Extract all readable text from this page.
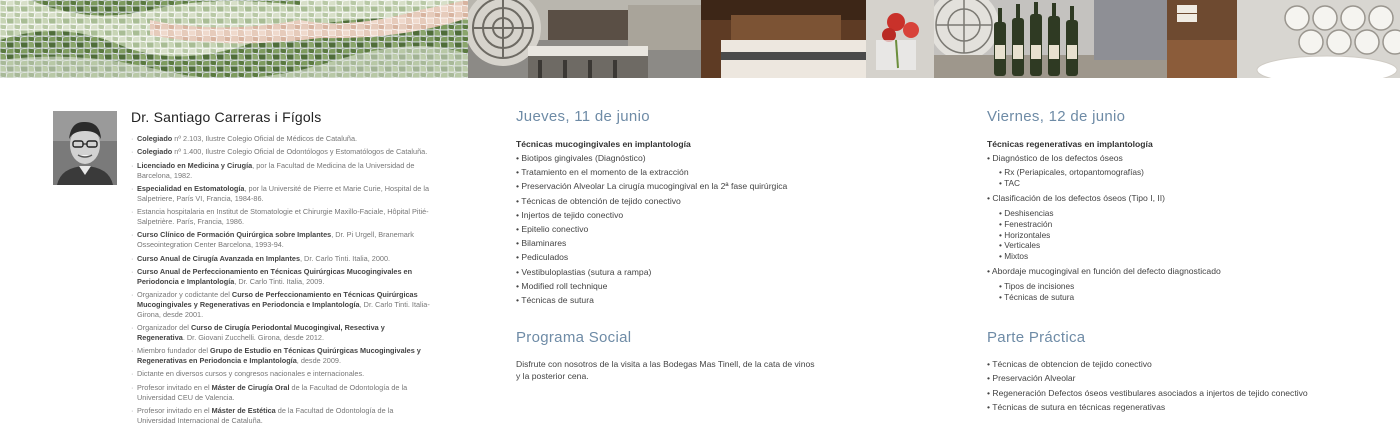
Dr. Santiago Carreras i Fígols
· Colegiado nº 2.103, Ilustre Colegio Oficial de Médicos de Cataluña.
· Colegiado nº 1.400, Ilustre Colegio Oficial de Odontólogos y Estomatólogos de Cataluña.
· Licenciado en Medicina y Cirugía, por la Facultad de Medicina de la Universidad de Barcelona, 1982.
· Especialidad en Estomatología, por la Université de Pierre et Marie Curie, Hospital de la Salpetriere, París VI, Francia, 1984-86.
· Estancia hospitalaria en Institut de Stomatologie et Chirurgie Maxillo-Faciale, Hôpital Pitié-Salpetrière. París, Francia, 1986.
· Curso Clínico de Formación Quirúrgica sobre Implantes, Dr. Pi Urgell, Branemark Osseointegration Center Barcelona, 1993-94.
· Curso Anual de Cirugía Avanzada en Implantes, Dr. Carlo Tinti. Italia, 2000.
· Curso Anual de Perfeccionamiento en Técnicas Quirúrgicas Mucogingivales en Periodoncia e Implantología, Dr. Carlo Tinti. Italia, 2009.
· Organizador y codictante del Curso de Perfeccionamiento en Técnicas Quirúrgicas Mucogingivales y Regenerativas en Periodoncia e Implantología, Dr. Carlo Tinti. Italia-Girona, desde 2001.
· Organizador del Curso de Cirugía Periodontal Mucogingival, Resectiva y Regenerativa. Dr. Giovani Zucchelli. Girona, desde 2012.
· Miembro fundador del Grupo de Estudio en Técnicas Quirúrgicas Mucogingivales y Regenerativas en Periodoncia e Implantología, desde 2009.
· Dictante en diversos cursos y congresos nacionales e internacionales.
· Profesor invitado en el Máster de Cirugía Oral de la Facultad de Odontología de la Universidad CEU de Valencia.
· Profesor invitado en el Máster de Estética de la Facultad de Odontología de la Universidad Internacional de Cataluña.
Jueves, 11 de junio
Técnicas mucogingivales en implantología
• Biotipos gingivales (Diagnóstico)
• Tratamiento en el momento de la extracción
• Preservación Alveolar La cirugía mucogingival en la 2ª fase quirúrgica
• Técnicas de obtención de tejido conectivo
• Injertos de tejido conectivo
• Epitelio conectivo
• Bilaminares
• Pediculados
• Vestibuloplastias (sutura a rampa)
• Modified roll technique
• Técnicas de sutura
Programa Social
Disfrute con nosotros de la visita a las Bodegas Mas Tinell, de la cata de vinos
y la posterior cena.
Viernes, 12 de junio
Técnicas regenerativas en implantología
• Diagnóstico de los defectos óseos
• Rx (Periapicales, ortopantomografías)
• TAC
• Clasificación de los defectos óseos (Tipo I, II)
• Deshisencias
• Fenestración
• Horizontales
• Verticales
• Mixtos
• Abordaje mucogingival en función del defecto diagnosticado
• Tipos de incisiones
• Técnicas de sutura
Parte Práctica
• Técnicas de obtencion de tejido conectivo
• Preservación Alveolar
• Regeneración Defectos óseos vestibulares asociados a injertos de tejido conectivo
• Técnicas de sutura en técnicas regenerativas
